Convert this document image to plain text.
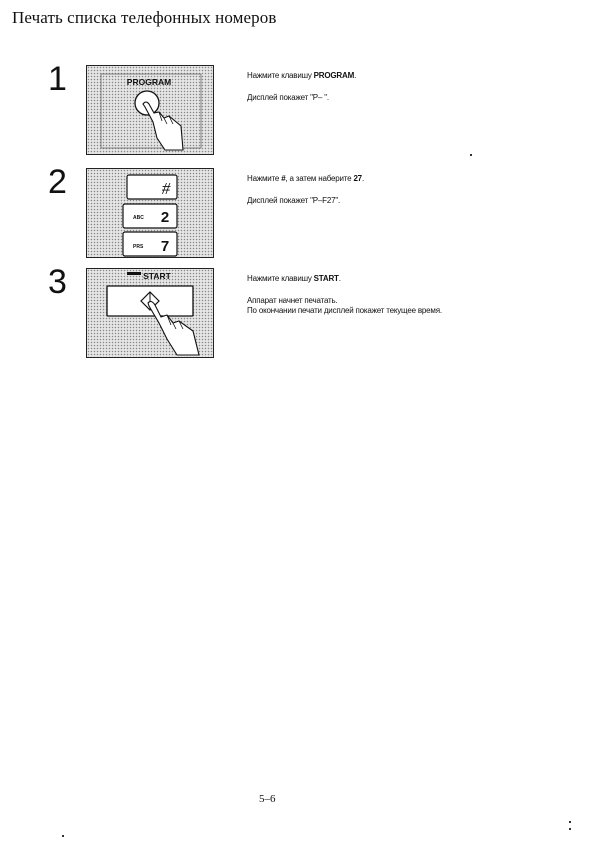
Печать списка телефонных номеров
1	PROGRAM

Нажмите клавишу PROGRAM.

Дисплей покажет "P– ".

2	#
ABC 2
PRS 7

Нажмите #, а затем наберите 27.

Дисплей покажет "P–F27".

3	START	Нажмите клавишу START.

Аппарат начнет печатать.

По окончании печати дисплей покажет текущее время.

5–6
